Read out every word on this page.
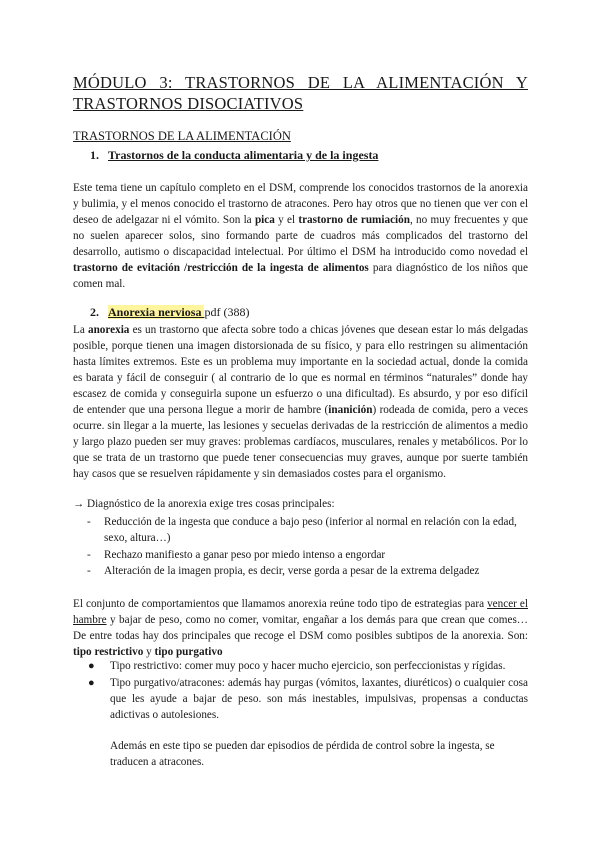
MÓDULO 3: TRASTORNOS DE LA ALIMENTACIÓN Y
TRASTORNOS DISOCIATIVOS
TRASTORNOS DE LA ALIMENTACIÓN
1. Trastornos de la conducta alimentaria y de la ingesta
Este tema tiene un capítulo completo en el DSM, comprende los conocidos trastornos de la anorexia y bulimia, y el menos conocido el trastorno de atracones. Pero hay otros que no tienen que ver con el deseo de adelgazar ni el vómito. Son la pica y el trastorno de rumiación, no muy frecuentes y que no suelen aparecer solos, sino formando parte de cuadros más complicados del trastorno del desarrollo, autismo o discapacidad intelectual. Por último el DSM ha introducido como novedad el trastorno de evitación /restricción de la ingesta de alimentos para diagnóstico de los niños que comen mal.
2. Anorexia nerviosa pdf (388)
La anorexia es un trastorno que afecta sobre todo a chicas jóvenes que desean estar lo más delgadas posible, porque tienen una imagen distorsionada de su físico, y para ello restringen su alimentación hasta límites extremos. Este es un problema muy importante en la sociedad actual, donde la comida es barata y fácil de conseguir ( al contrario de lo que es normal en términos “naturales” donde hay escasez de comida y conseguirla supone un esfuerzo o una dificultad). Es absurdo, y por eso difícil de entender que una persona llegue a morir de hambre (inanición) rodeada de comida, pero a veces ocurre. sin llegar a la muerte, las lesiones y secuelas derivadas de la restricción de alimentos a medio y largo plazo pueden ser muy graves: problemas cardíacos, musculares, renales y metabólicos. Por lo que se trata de un trastorno que puede tener consecuencias muy graves, aunque por suerte también hay casos que se resuelven rápidamente y sin demasiados costes para el organismo.
→ Diagnóstico de la anorexia exige tres cosas principales:
- Reducción de la ingesta que conduce a bajo peso (inferior al normal en relación con la edad, sexo, altura…)
- Rechazo manifiesto a ganar peso por miedo intenso a engordar
- Alteración de la imagen propia, es decir, verse gorda a pesar de la extrema delgadez
El conjunto de comportamientos que llamamos anorexia reúne todo tipo de estrategias para vencer el hambre y bajar de peso, como no comer, vomitar, engañar a los demás para que crean que comes… De entre todas hay dos principales que recoge el DSM como posibles subtipos de la anorexia. Son: tipo restrictivo y tipo purgativo
● Tipo restrictivo: comer muy poco y hacer mucho ejercicio, son perfeccionistas y rígidas.
● Tipo purgativo/atracones: además hay purgas (vómitos, laxantes, diuréticos) o cualquier cosa que les ayude a bajar de peso. son más inestables, impulsivas, propensas a conductas adictivas o autolesiones.
Además en este tipo se pueden dar episodios de pérdida de control sobre la ingesta, se traducen a atracones.
